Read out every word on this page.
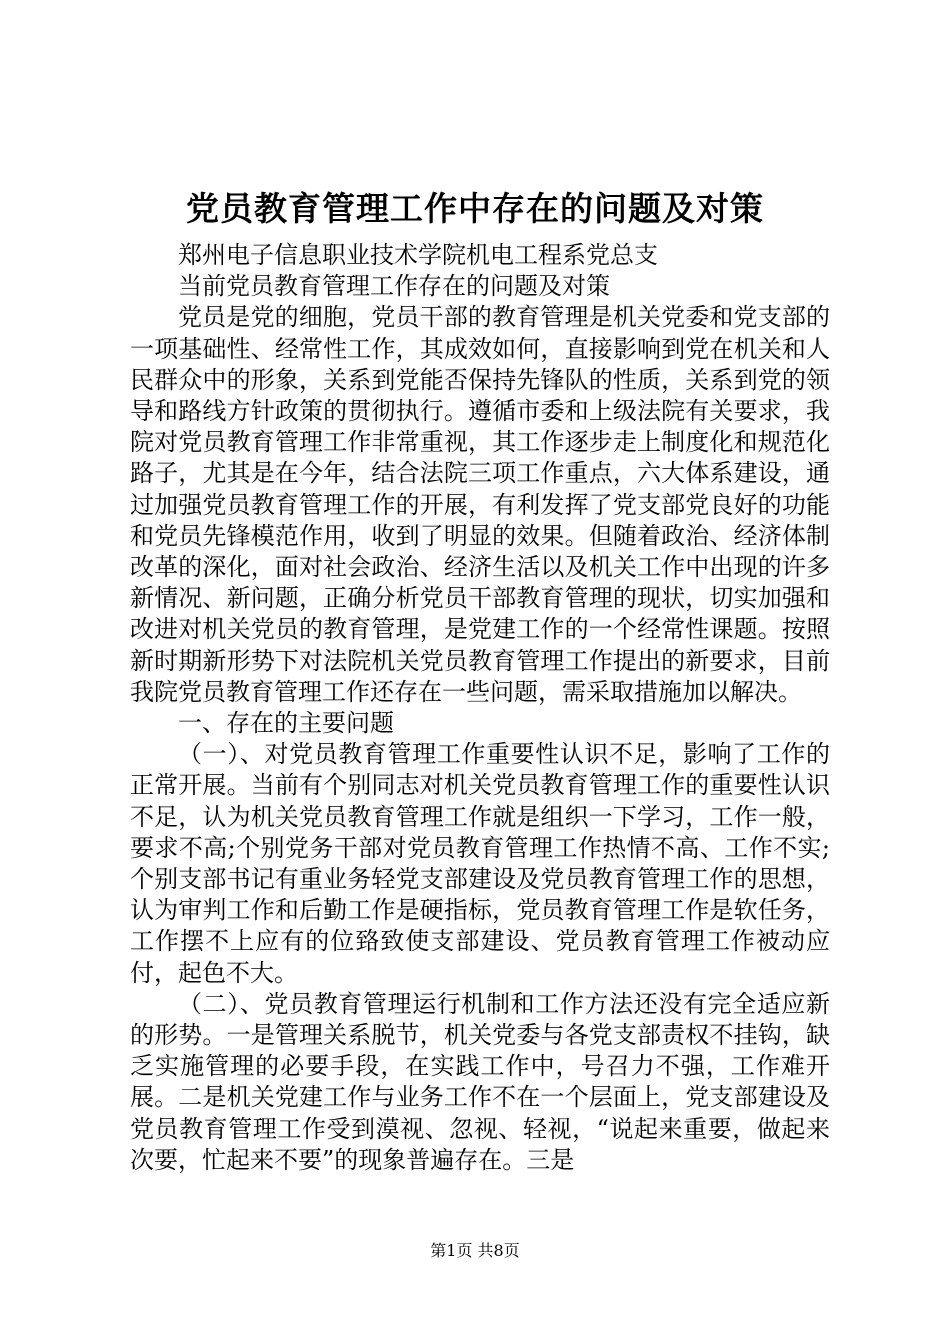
党员教育管理工作中存在的问题及对策

郑州电子信息职业技术学院机电工程系党总支

当前党员教育管理工作存在的问题及对策

党员是党的细胞，党员干部的教育管理是机关党委和党支部的一项基础性、经常性工作，其成效如何，直接影响到党在机关和人民群众中的形象，关系到党能否保持先锋队的性质，关系到党的领导和路线方针政策的贯彻执行。遵循市委和上级法院有关要求，我院对党员教育管理工作非常重视，其工作逐步走上制度化和规范化路子，尤其是在今年，结合法院三项工作重点，六大体系建设，通过加强党员教育管理工作的开展，有利发挥了党支部党良好的功能和党员先锋模范作用，收到了明显的效果。但随着政治、经济体制改革的深化，面对社会政治、经济生活以及机关工作中出现的许多新情况、新问题，正确分析党员干部教育管理的现状，切实加强和改进对机关党员的教育管理，是党建工作的一个经常性课题。按照新时期新形势下对法院机关党员教育管理工作提出的新要求，目前我院党员教育管理工作还存在一些问题，需采取措施加以解决。

一、存在的主要问题

（一）、对党员教育管理工作重要性认识不足，影响了工作的正常开展。当前有个别同志对机关党员教育管理工作的重要性认识不足，认为机关党员教育管理工作就是组织一下学习，工作一般，要求不高;个别党务干部对党员教育管理工作热情不高、工作不实;个别支部书记有重业务轻党支部建设及党员教育管理工作的思想，认为审判工作和后勤工作是硬指标，党员教育管理工作是软任务，工作摆不上应有的位臵致使支部建设、党员教育管理工作被动应付，起色不大。

（二）、党员教育管理运行机制和工作方法还没有完全适应新的形势。一是管理关系脱节，机关党委与各党支部责权不挂钩，缺乏实施管理的必要手段，在实践工作中，号召力不强，工作难开展。二是机关党建工作与业务工作不在一个层面上，党支部建设及党员教育管理工作受到漠视、忽视、轻视，“说起来重要，做起来次要，忙起来不要”的现象普遍存在。三是

第1页 共8页
